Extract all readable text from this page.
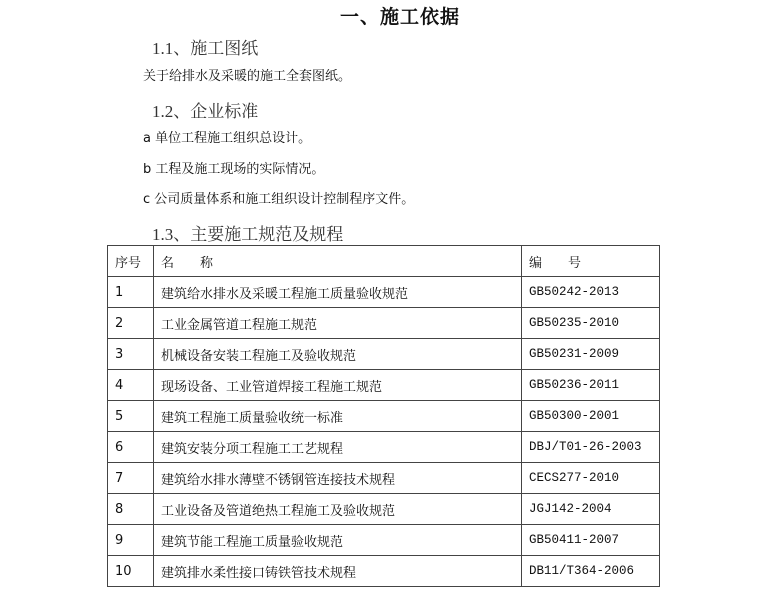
一、施工依据
1.1、施工图纸
关于给排水及采暖的施工全套图纸。
1.2、企业标准
a 单位工程施工组织总设计。
b 工程及施工现场的实际情况。
c 公司质量体系和施工组织设计控制程序文件。
1.3、主要施工规范及规程
序号	名　　称	编　　号
1	建筑给水排水及采暖工程施工质量验收规范	GB50242-2013
2	工业金属管道工程施工规范	GB50235-2010
3	机械设备安装工程施工及验收规范	GB50231-2009
4	现场设备、工业管道焊接工程施工规范	GB50236-2011
5	建筑工程施工质量验收统一标准	GB50300-2001
6	建筑安装分项工程施工工艺规程	DBJ/T01-26-2003
7	建筑给水排水薄壁不锈钢管连接技术规程	CECS277-2010
8	工业设备及管道绝热工程施工及验收规范	JGJ142-2004
9	建筑节能工程施工质量验收规范	GB50411-2007
10	建筑排水柔性接口铸铁管技术规程	DB11/T364-2006
